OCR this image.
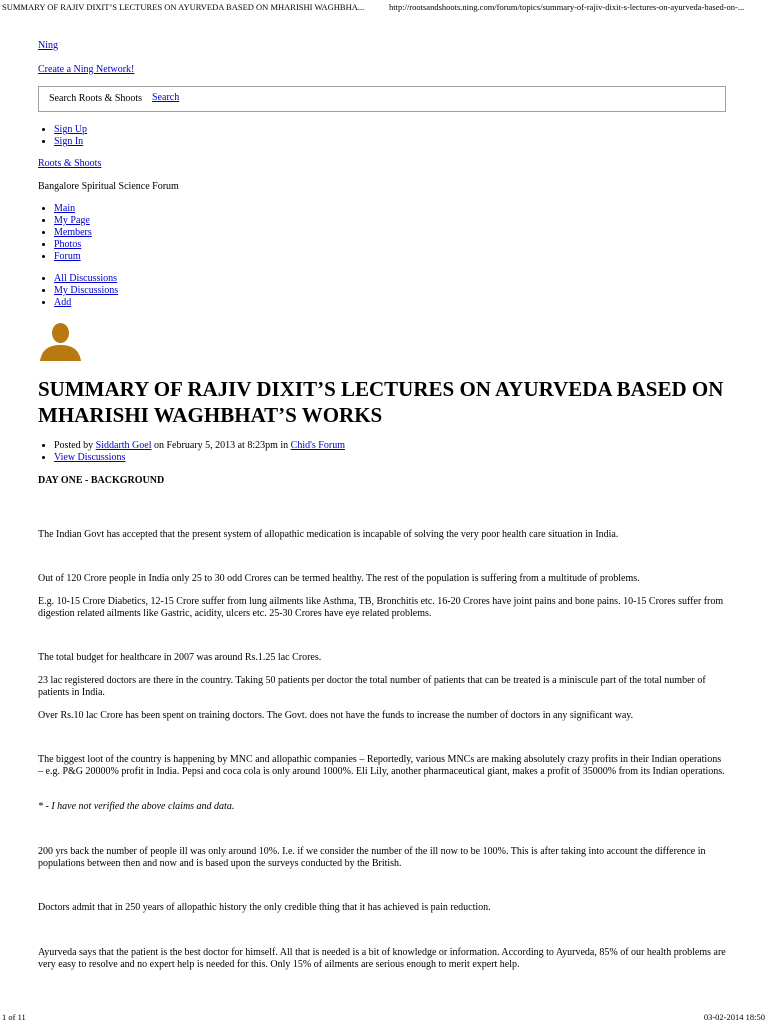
SUMMARY OF RAJIV DIXIT’S LECTURES ON AYURVEDA BASED ON MHARISHI WAGHBHA...	http://rootsandshoots.ning.com/forum/topics/summary-of-rajiv-dixit-s-lectures-on-ayurveda-based-on-...
Ning
Create a Ning Network!
Search Roots & Shoots
Search
• Sign Up
• Sign In
Roots & Shoots
Bangalore Spiritual Science Forum
• Main
• My Page
• Members
• Photos
• Forum
• All Discussions
• My Discussions
• Add
SUMMARY OF RAJIV DIXIT’S LECTURES ON AYURVEDA BASED ON MHARISHI WAGHBHAT’S WORKS
• Posted by Siddarth Goel on February 5, 2013 at 8:23pm in Chid's Forum
• View Discussions
DAY ONE - BACKGROUND

The Indian Govt has accepted that the present system of allopathic medication is incapable of solving the very poor health care situation in India.

Out of 120 Crore people in India only 25 to 30 odd Crores can be termed healthy. The rest of the population is suffering from a multitude of problems.

E.g. 10-15 Crore Diabetics, 12-15 Crore suffer from lung ailments like Asthma, TB, Bronchitis etc. 16-20 Crores have joint pains and bone pains. 10-15 Crores suffer from digestion related ailments like Gastric, acidity, ulcers etc. 25-30 Crores have eye related problems.

The total budget for healthcare in 2007 was around Rs.1.25 lac Crores.

23 lac registered doctors are there in the country. Taking 50 patients per doctor the total number of patients that can be treated is a miniscule part of the total number of patients in India.

Over Rs.10 lac Crore has been spent on training doctors. The Govt. does not have the funds to increase the number of doctors in any significant way.

The biggest loot of the country is happening by MNC and allopathic companies – Reportedly, various MNCs are making absolutely crazy profits in their Indian operations – e.g. P&G 20000% profit in India. Pepsi and coca cola is only around 1000%. Eli Lily, another pharmaceutical giant, makes a profit of 35000% from its Indian operations.

* - I have not verified the above claims and data.

200 yrs back the number of people ill was only around 10%. I.e. if we consider the number of the ill now to be 100%. This is after taking into account the difference in populations between then and now and is based upon the surveys conducted by the British.

Doctors admit that in 250 years of allopathic history the only credible thing that it has achieved is pain reduction.

Ayurveda says that the patient is the best doctor for himself. All that is needed is a bit of knowledge or information. According to Ayurveda, 85% of our health problems are very easy to resolve and no expert help is needed for this. Only 15% of ailments are serious enough to merit expert help.

1 of 11	03-02-2014 18:50
